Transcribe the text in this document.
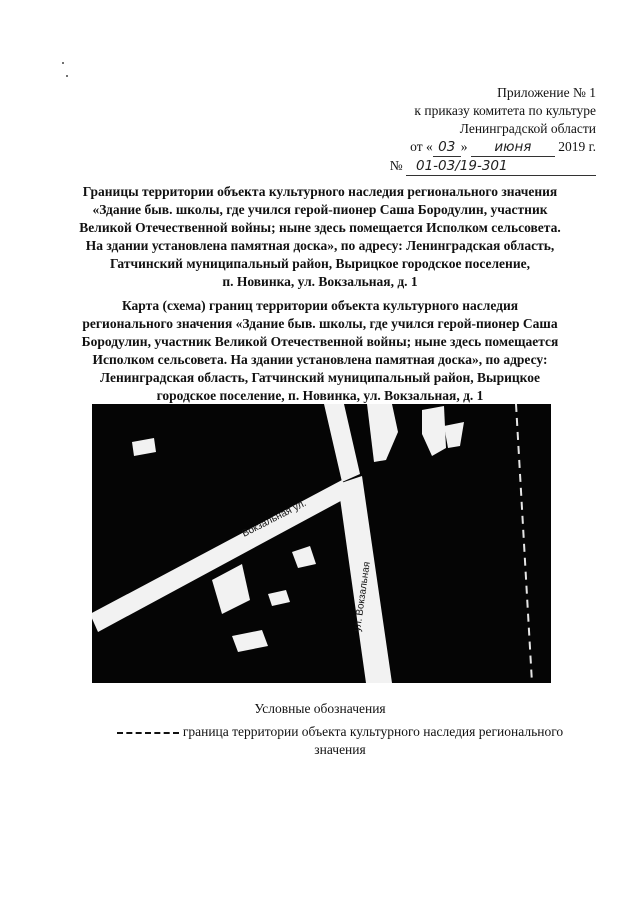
Приложение № 1
к приказу комитета по культуре
Ленинградской области
от « 03 » июня 2019 г.
№ 01-03/19-301
Границы территории объекта культурного наследия регионального значения
«Здание быв. школы, где учился герой-пионер Саша Бородулин, участник
Великой Отечественной войны; ныне здесь помещается Исполком сельсовета.
На здании установлена памятная доска», по адресу: Ленинградская область,
Гатчинский муниципальный район, Вырицкое городское поселение,
п. Новинка, ул. Вокзальная, д. 1
Карта (схема) границ территории объекта культурного наследия
регионального значения «Здание быв. школы, где учился герой-пионер Саша
Бородулин, участник Великой Отечественной войны; ныне здесь помещается
Исполком сельсовета. На здании установлена памятная доска», по адресу:
Ленинградская область, Гатчинский муниципальный район, Вырицкое
городское поселение, п. Новинка, ул. Вокзальная, д. 1
Вокзальная ул.
ул. Вокзальная
Условные обозначения
граница территории объекта культурного наследия регионального
значения
